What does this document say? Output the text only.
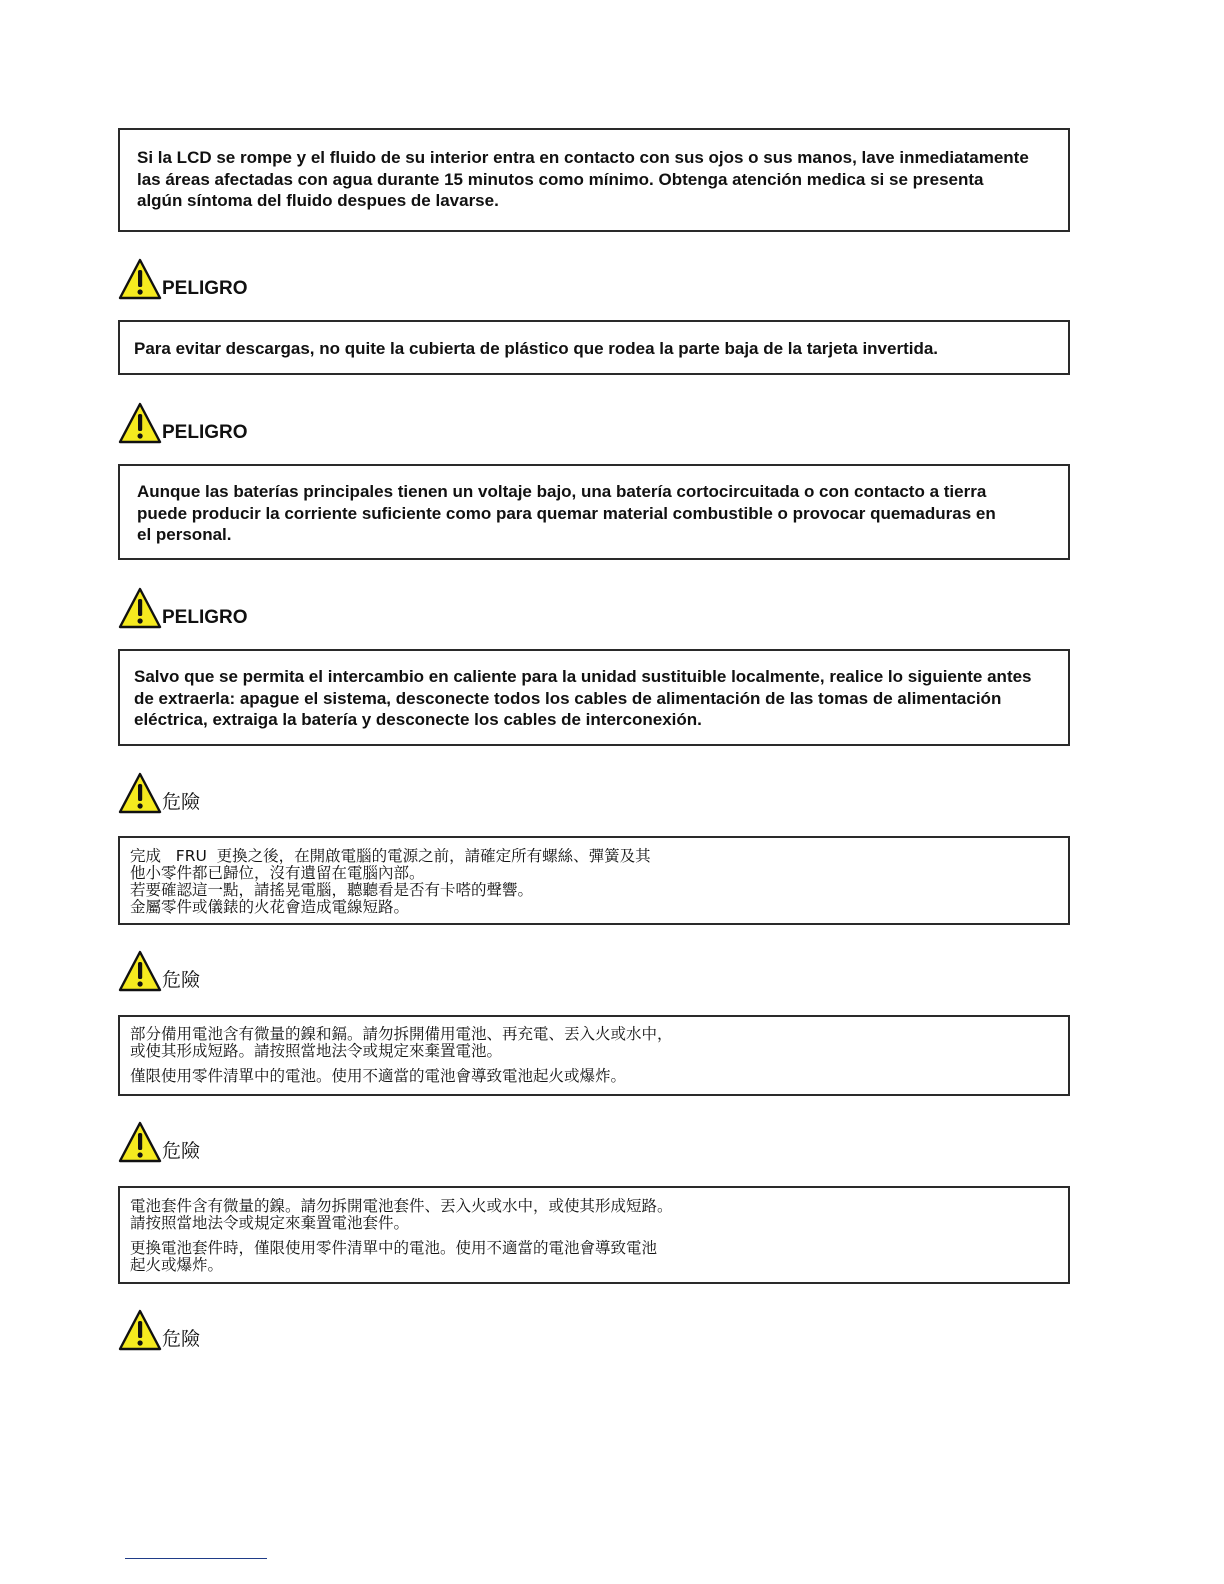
Si la LCD se rompe y el fluido de su interior entra en contacto con sus ojos o sus manos, lave inmediatamente

las áreas afectadas con agua durante 15 minutos como mínimo. Obtenga atención medica si se presenta

algún síntoma del fluido despues de lavarse.

PELIGRO

Para evitar descargas, no quite la cubierta de plástico que rodea la parte baja de la tarjeta invertida.

PELIGRO

Aunque las baterías principales tienen un voltaje bajo, una batería cortocircuitada o con contacto a tierra

puede producir la corriente suficiente como para quemar material combustible o provocar quemaduras en

el personal.

PELIGRO

Salvo que se permita el intercambio en caliente para la unidad sustituible localmente, realice lo siguiente antes

de extraerla: apague el sistema, desconecte todos los cables de alimentación de las tomas de alimentación

eléctrica, extraiga la batería y desconecte los cables de interconexión.

危險

完成   FRU  更換之後，在開啟電腦的電源之前，請確定所有螺絲、彈簧及其

他小零件都已歸位，沒有遺留在電腦內部。

若要確認這一點，請搖晃電腦，聽聽看是否有卡嗒的聲響。

金屬零件或儀錶的火花會造成電線短路。

危險

部分備用電池含有微量的鎳和鎘。請勿拆開備用電池、再充電、丟入火或水中，

或使其形成短路。請按照當地法令或規定來棄置電池。

僅限使用零件清單中的電池。使用不適當的電池會導致電池起火或爆炸。

危險

電池套件含有微量的鎳。請勿拆開電池套件、丟入火或水中，或使其形成短路。

請按照當地法令或規定來棄置電池套件。

更換電池套件時，僅限使用零件清單中的電池。使用不適當的電池會導致電池

起火或爆炸。

危險
